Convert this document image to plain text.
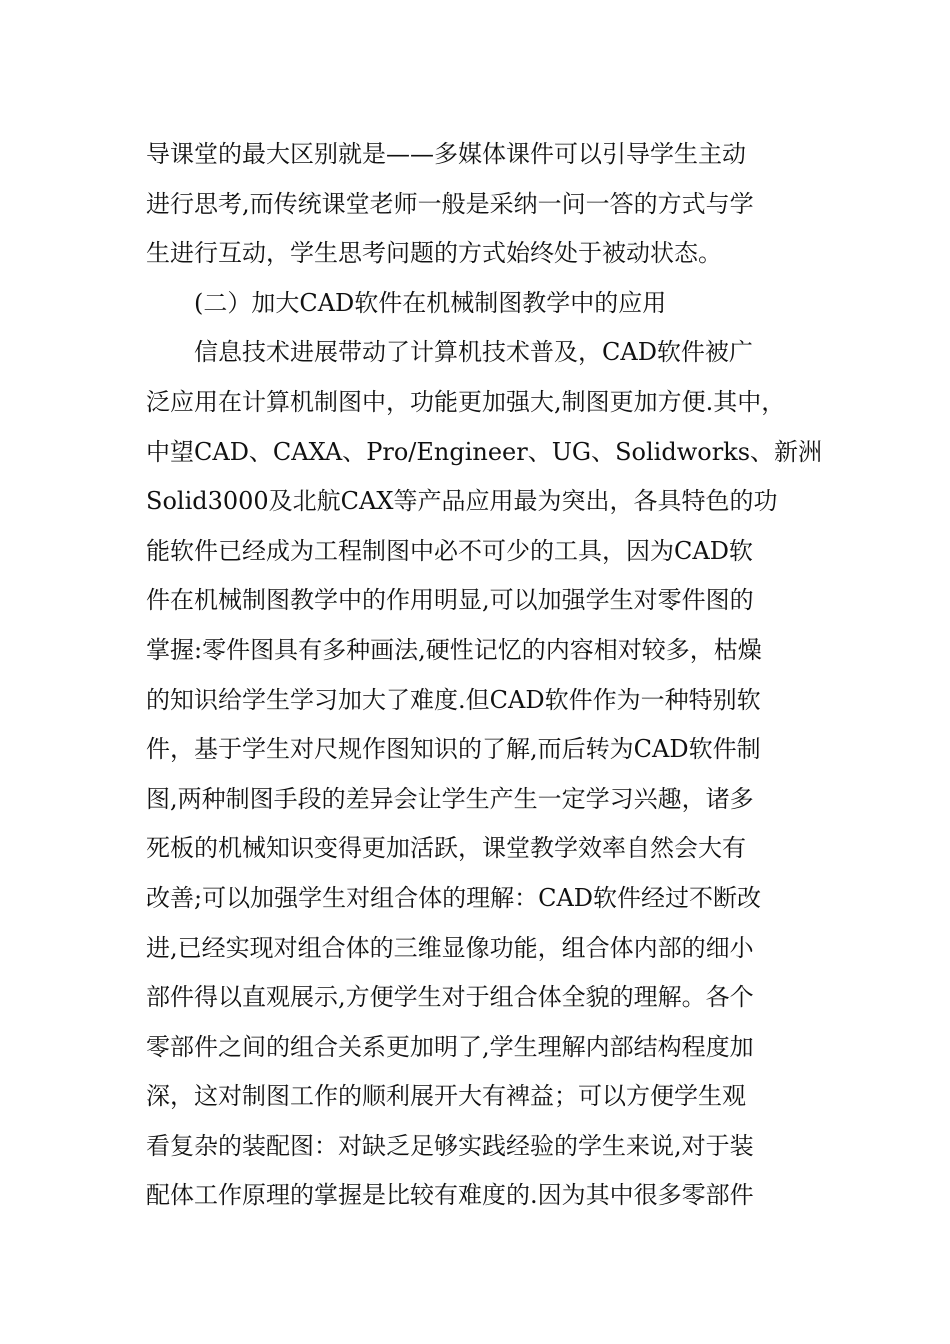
导课堂的最大区别就是——多媒体课件可以引导学生主动
进行思考,而传统课堂老师一般是采纳一问一答的方式与学
生进行互动，学生思考问题的方式始终处于被动状态。
(二）加大CAD软件在机械制图教学中的应用
信息技术进展带动了计算机技术普及，CAD软件被广
泛应用在计算机制图中，功能更加强大,制图更加方便.其中，
中望CAD、CAXA、Pro/Engineer、UG、Solidworks、新洲
Solid3000及北航CAX等产品应用最为突出，各具特色的功
能软件已经成为工程制图中必不可少的工具，因为CAD软
件在机械制图教学中的作用明显,可以加强学生对零件图的
掌握:零件图具有多种画法,硬性记忆的内容相对较多，枯燥
的知识给学生学习加大了难度.但CAD软件作为一种特别软
件，基于学生对尺规作图知识的了解,而后转为CAD软件制
图,两种制图手段的差异会让学生产生一定学习兴趣，诸多
死板的机械知识变得更加活跃，课堂教学效率自然会大有
改善;可以加强学生对组合体的理解：CAD软件经过不断改
进,已经实现对组合体的三维显像功能，组合体内部的细小
部件得以直观展示,方便学生对于组合体全貌的理解。各个
零部件之间的组合关系更加明了,学生理解内部结构程度加
深，这对制图工作的顺利展开大有裨益；可以方便学生观
看复杂的装配图：对缺乏足够实践经验的学生来说,对于装
配体工作原理的掌握是比较有难度的.因为其中很多零部件
